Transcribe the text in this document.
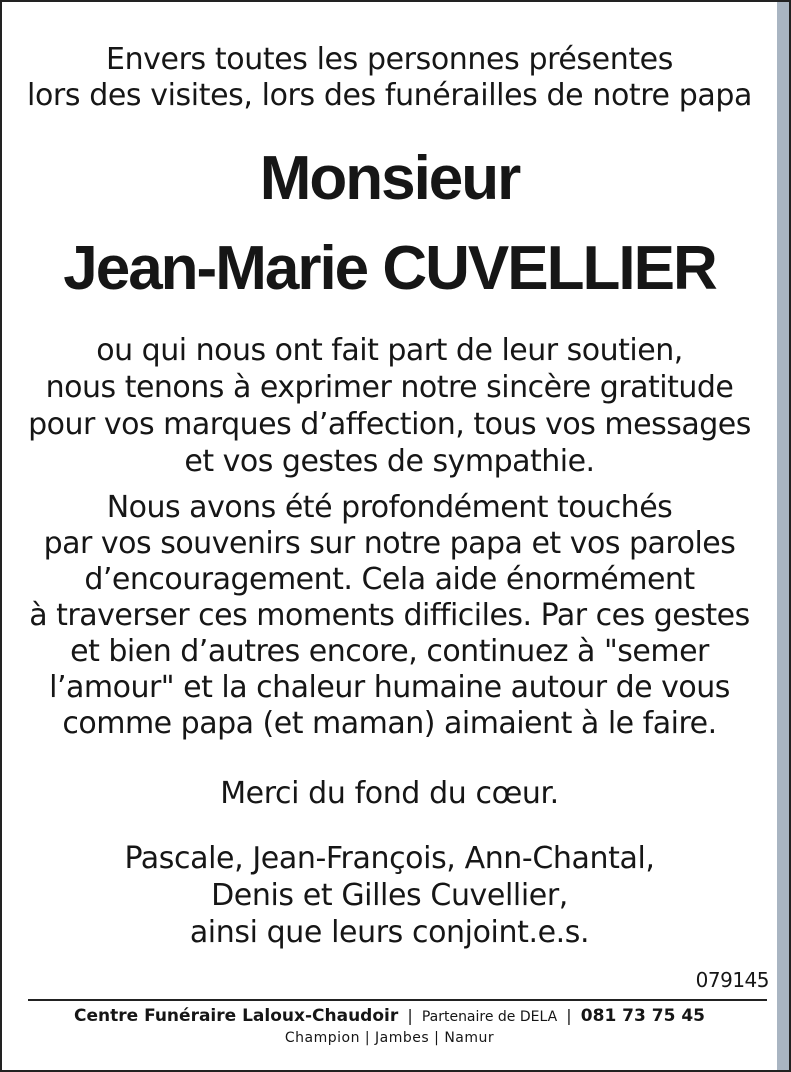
Envers toutes les personnes présentes
lors des visites, lors des funérailles de notre papa
Monsieur
Jean-Marie CUVELLIER
ou qui nous ont fait part de leur soutien,
nous tenons à exprimer notre sincère gratitude
pour vos marques d’affection, tous vos messages
et vos gestes de sympathie.
Nous avons été profondément touchés
par vos souvenirs sur notre papa et vos paroles
d’encouragement. Cela aide énormément
à traverser ces moments difficiles. Par ces gestes
et bien d’autres encore, continuez à "semer
l’amour" et la chaleur humaine autour de vous
comme papa (et maman) aimaient à le faire.
Merci du fond du cœur.
Pascale, Jean-François, Ann-Chantal,
Denis et Gilles Cuvellier,
ainsi que leurs conjoint.e.s.
079145
Centre Funéraire Laloux-Chaudoir | Partenaire de DELA | 081 73 75 45
Champion | Jambes | Namur
